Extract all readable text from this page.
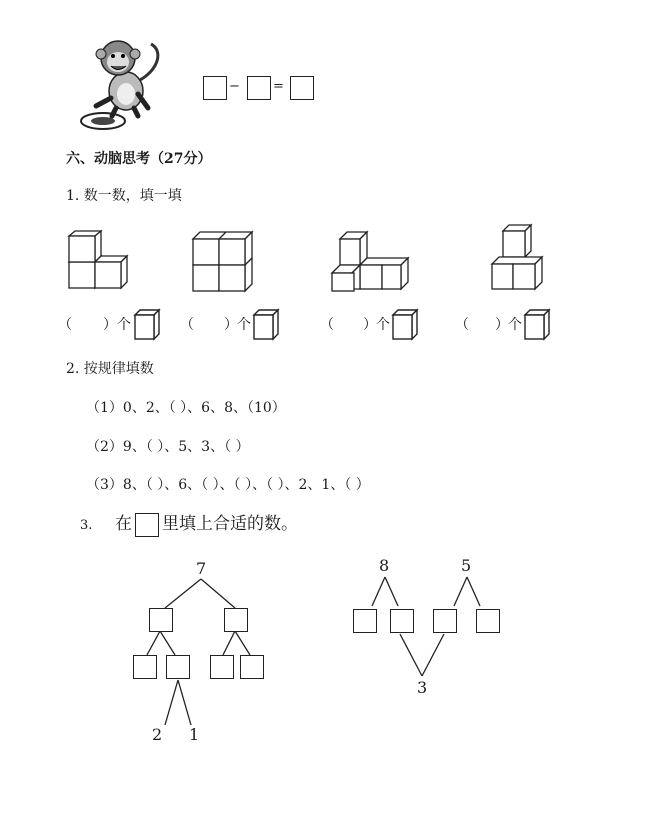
−	=
六、动脑思考（27分）
1. 数一数，填一填
（ ） 个	（ ） 个	（ ） 个	（ ） 个
2. 按规律填数
（1）0、2、（ ）、6、8、（10）
（2）9、（ ）、5、3、（ ）
（3）8、（ ）、6、（ ）、（ ）、（ ）、2、1、（ ）
3. 在 里填上合适的数。
7
2 1
8	5
3
